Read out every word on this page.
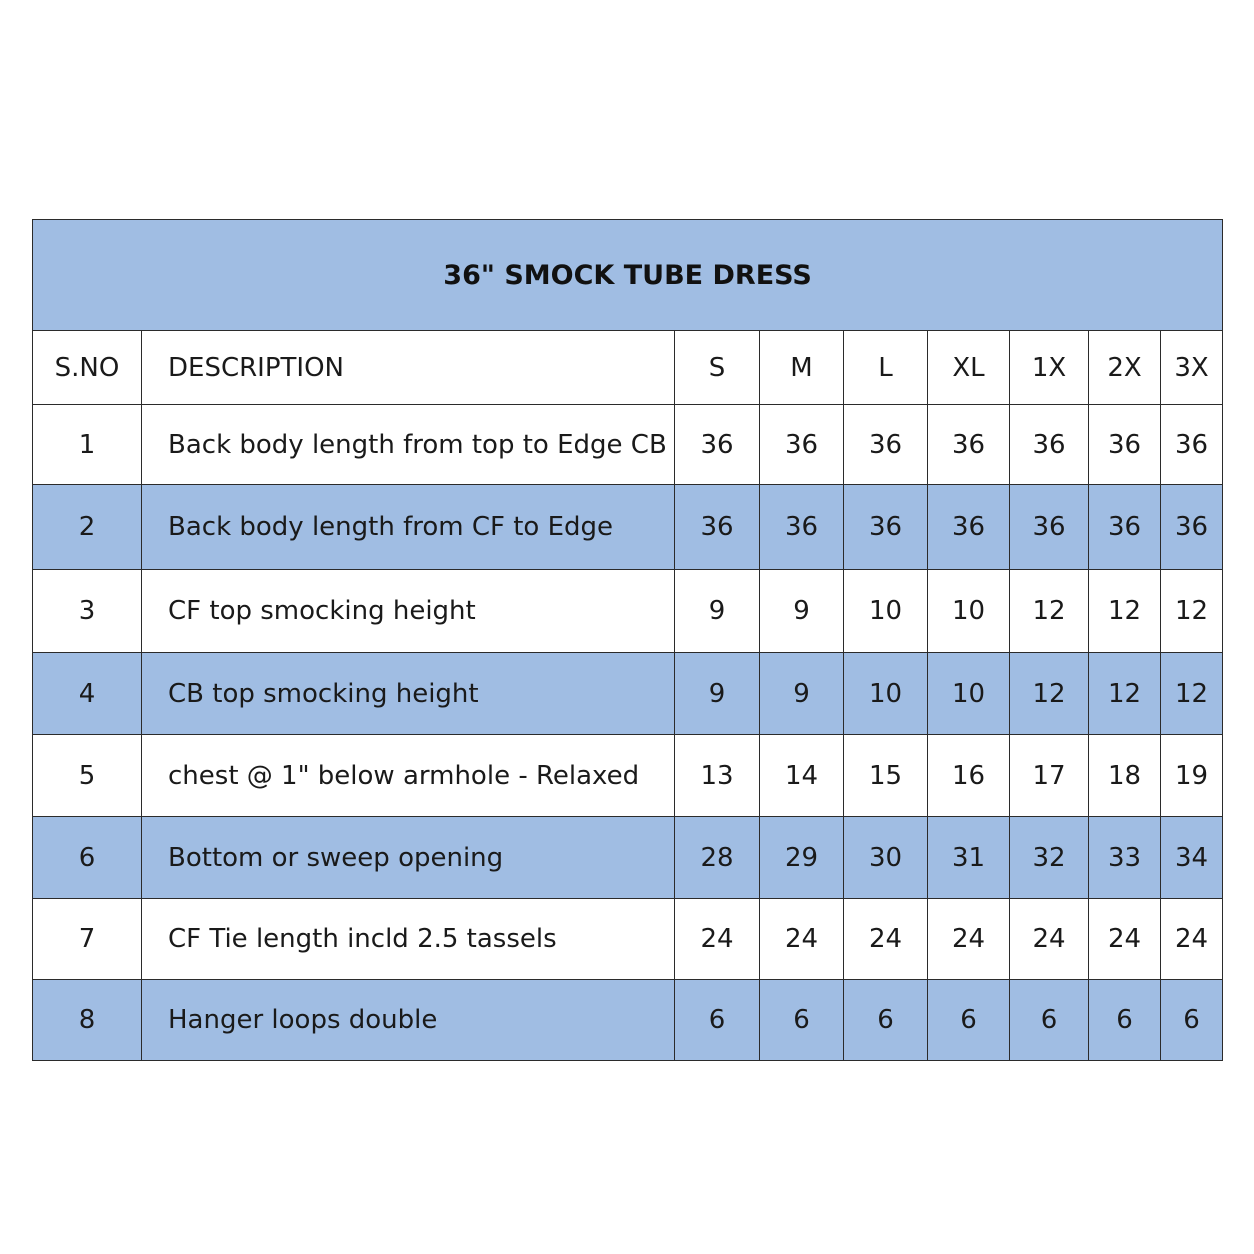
36" SMOCK TUBE DRESS								
S.NO	DESCRIPTION	S	M	L	XL	1X	2X	3X
1	Back body length from top to Edge CB	36	36	36	36	36	36	36
2	Back body length from CF to Edge	36	36	36	36	36	36	36
3	CF top smocking height	9	9	10	10	12	12	12
4	CB top smocking height	9	9	10	10	12	12	12
5	chest @ 1" below armhole - Relaxed	13	14	15	16	17	18	19
6	Bottom or sweep opening	28	29	30	31	32	33	34
7	CF Tie length incld 2.5 tassels	24	24	24	24	24	24	24
8	Hanger loops double	6	6	6	6	6	6	6
